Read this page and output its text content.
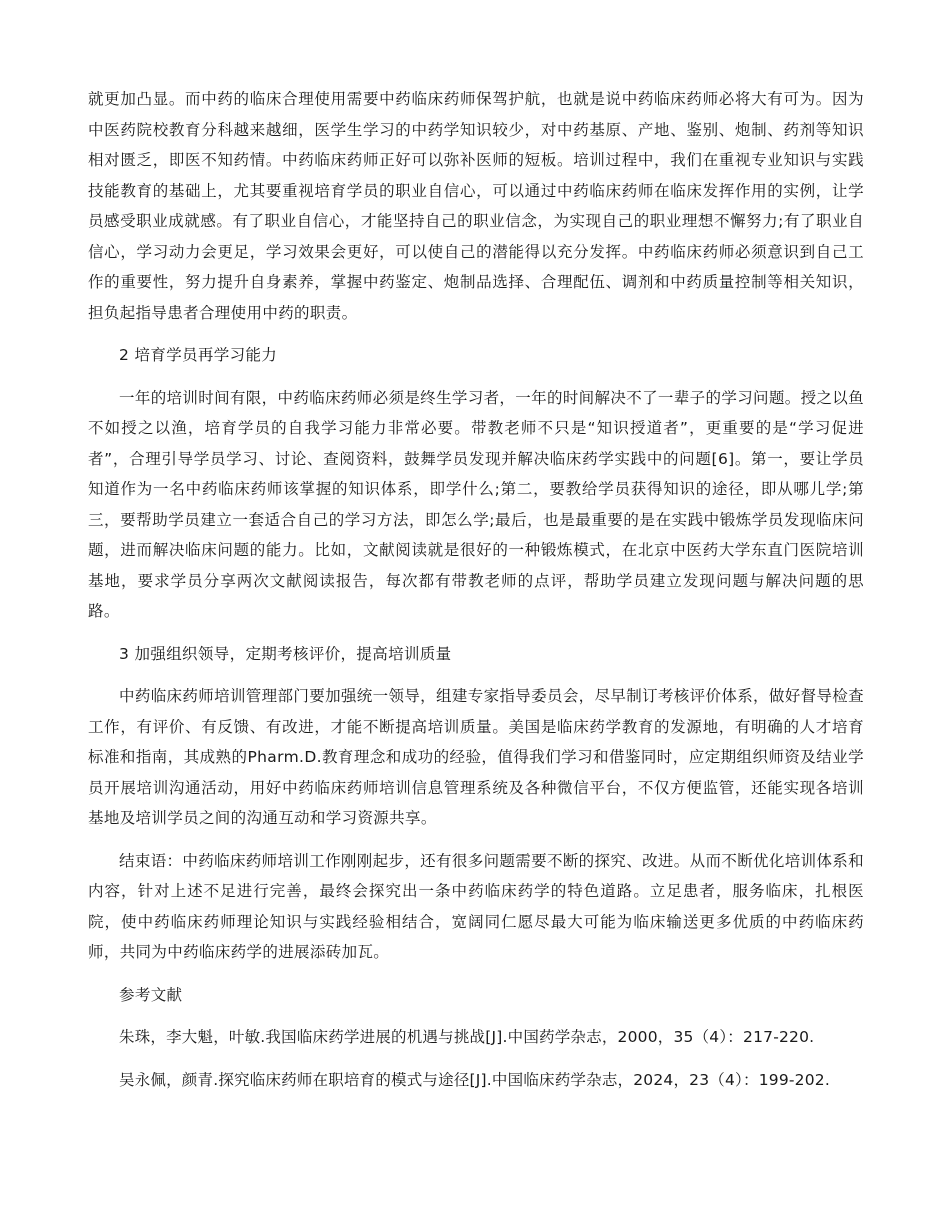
就更加凸显。而中药的临床合理使用需要中药临床药师保驾护航，也就是说中药临床药师必将大有可为。因为中医药院校教育分科越来越细，医学生学习的中药学知识较少，对中药基原、产地、鉴别、炮制、药剂等知识相对匮乏，即医不知药情。中药临床药师正好可以弥补医师的短板。培训过程中，我们在重视专业知识与实践技能教育的基础上，尤其要重视培育学员的职业自信心，可以通过中药临床药师在临床发挥作用的实例，让学员感受职业成就感。有了职业自信心，才能坚持自己的职业信念，为实现自己的职业理想不懈努力;有了职业自信心，学习动力会更足，学习效果会更好，可以使自己的潜能得以充分发挥。中药临床药师必须意识到自己工作的重要性，努力提升自身素养，掌握中药鉴定、炮制品选择、合理配伍、调剂和中药质量控制等相关知识，担负起指导患者合理使用中药的职责。

2 培育学员再学习能力

一年的培训时间有限，中药临床药师必须是终生学习者，一年的时间解决不了一辈子的学习问题。授之以鱼不如授之以渔，培育学员的自我学习能力非常必要。带教老师不只是“知识授道者”，更重要的是“学习促进者”，合理引导学员学习、讨论、查阅资料，鼓舞学员发现并解决临床药学实践中的问题[6]。第一，要让学员知道作为一名中药临床药师该掌握的知识体系，即学什么;第二，要教给学员获得知识的途径，即从哪儿学;第三，要帮助学员建立一套适合自己的学习方法，即怎么学;最后，也是最重要的是在实践中锻炼学员发现临床问题，进而解决临床问题的能力。比如，文献阅读就是很好的一种锻炼模式，在北京中医药大学东直门医院培训基地，要求学员分享两次文献阅读报告，每次都有带教老师的点评，帮助学员建立发现问题与解决问题的思路。

3 加强组织领导，定期考核评价，提高培训质量

中药临床药师培训管理部门要加强统一领导，组建专家指导委员会，尽早制订考核评价体系，做好督导检查工作，有评价、有反馈、有改进，才能不断提高培训质量。美国是临床药学教育的发源地，有明确的人才培育标准和指南，其成熟的Pharm.D.教育理念和成功的经验，值得我们学习和借鉴同时，应定期组织师资及结业学员开展培训沟通活动，用好中药临床药师培训信息管理系统及各种微信平台，不仅方便监管，还能实现各培训基地及培训学员之间的沟通互动和学习资源共享。

结束语：中药临床药师培训工作刚刚起步，还有很多问题需要不断的探究、改进。从而不断优化培训体系和内容，针对上述不足进行完善，最终会探究出一条中药临床药学的特色道路。立足患者，服务临床，扎根医院，使中药临床药师理论知识与实践经验相结合，宽阔同仁愿尽最大可能为临床输送更多优质的中药临床药师，共同为中药临床药学的进展添砖加瓦。

参考文献

朱珠，李大魁，叶敏.我国临床药学进展的机遇与挑战[J].中国药学杂志，2000，35（4）：217-220.

吴永佩，颜青.探究临床药师在职培育的模式与途径[J].中国临床药学杂志，2024，23（4）：199-202.
